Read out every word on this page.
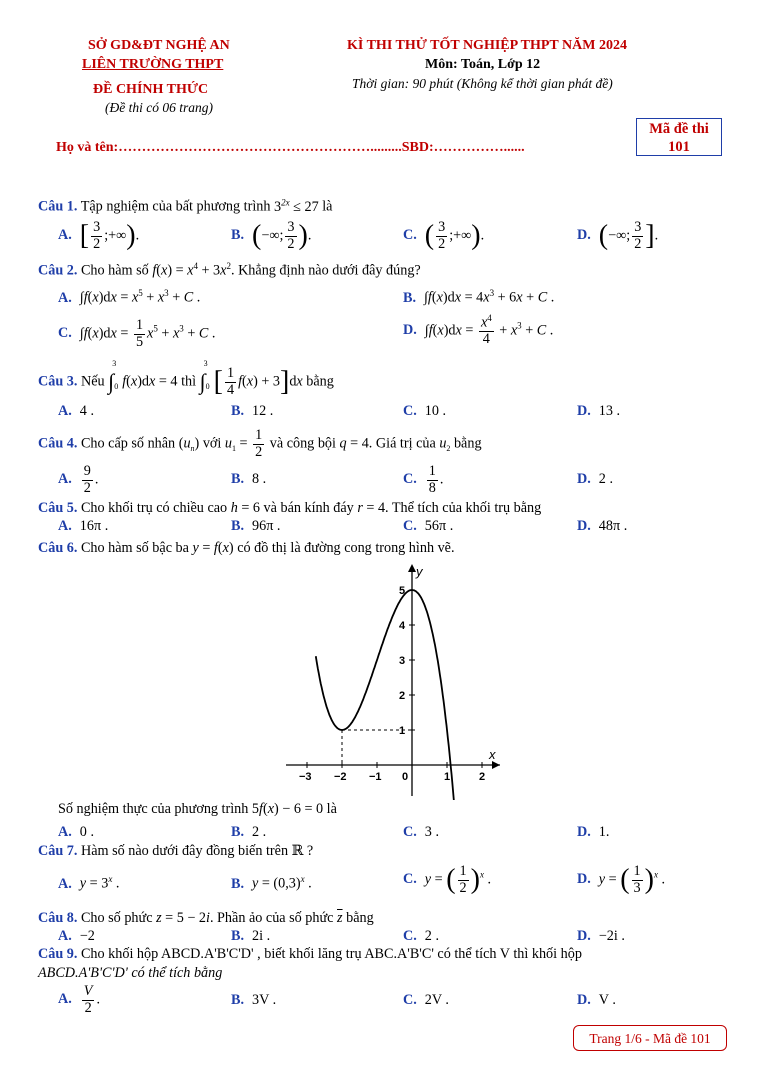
SỞ GD&ĐT NGHỆ AN
LIÊN TRƯỜNG THPT
ĐỀ CHÍNH THỨC
(Đề thi có 06 trang)
KÌ THI THỬ TỐT NGHIỆP THPT NĂM 2024
Môn: Toán, Lớp 12
Thời gian: 90 phút (Không kể thời gian phát đề)
Mã đề thi
101
Họ và tên:……………………………………………….........SBD:……………......
Câu 1. Tập nghiệm của bất phương trình $3^{2x} \le 27$ là
A. [ $\frac{3}{2}$ ;+∞).	B. (−∞; $\frac{3}{2}$ ).	C. ( $\frac{3}{2}$ ;+∞).	D. (−∞; $\frac{3}{2}$ ].
Câu 2. Cho hàm số $f(x) = x^4 + 3x^2$. Khẳng định nào dưới đây đúng?
A. $\int f(x)dx = x^5 + x^3 + C$ .	B. $\int f(x)dx = 4x^3 + 6x + C$ .
C. $\int f(x)dx = \frac{1}{5} x^5 + x^3 + C$ .	D. $\int f(x)dx = \frac{x^4}{4} + x^3 + C$ .
Câu 3. Nếu $\int_0^3f(x)dx = 4$ thì $\int_0^3[ \frac{1}{4} f(x) + 3]dx$ bằng
A. 4 .	B. 12 .	C. 10 .	D. 13 .
Câu 4. Cho cấp số nhân $(u_n)$ với $u_1 = \frac{1}{2}$ và công bội q = 4. Giá trị của $u_2$ bằng
A. $\frac{9}{2}$ .	B. 8 .	C. $\frac{1}{8}$ .	D. 2 .
Câu 5. Cho khối trụ có chiều cao h = 6 và bán kính đáy r = 4. Thể tích của khối trụ bằng
A. 16π .	B. 96π .	C. 56π .	D. 48π .
Câu 6. Cho hàm số bậc ba y = f(x) có đồ thị là đường cong trong hình vẽ.
−3 −2 −1 0	1	2
1
2
3
4
5
x
y
Số nghiệm thực của phương trình 5f(x) − 6 = 0 là
A. 0 .	B. 2 .	C. 3 .	D. 1.
Câu 7. Hàm số nào dưới đây đồng biến trên ℝ ?
A. $y = 3^x$ .	B. $y = (0,3)^x$ .	C. y = ( $\frac{1}{2} )^x$ .	D. y = ( $\frac{1}{3} )^x$ .
Câu 8. Cho số phức z = 5 − 2i. Phần ảo của số phức $\overline{z}$ bằng
A. −2	B. 2i .	C. 2 .	D. −2i .
Câu 9. Cho khối hộp ABCD.A'B'C'D' , biết khối lăng trụ ABC.A'B'C' có thể tích V thì khối hộp
ABCD.A'B'C'D' có thể tích bằng
A. $\frac{V}{2}$ .	B. 3V .	C. 2V .	D. V .
Trang 1/6 - Mã đề 101
